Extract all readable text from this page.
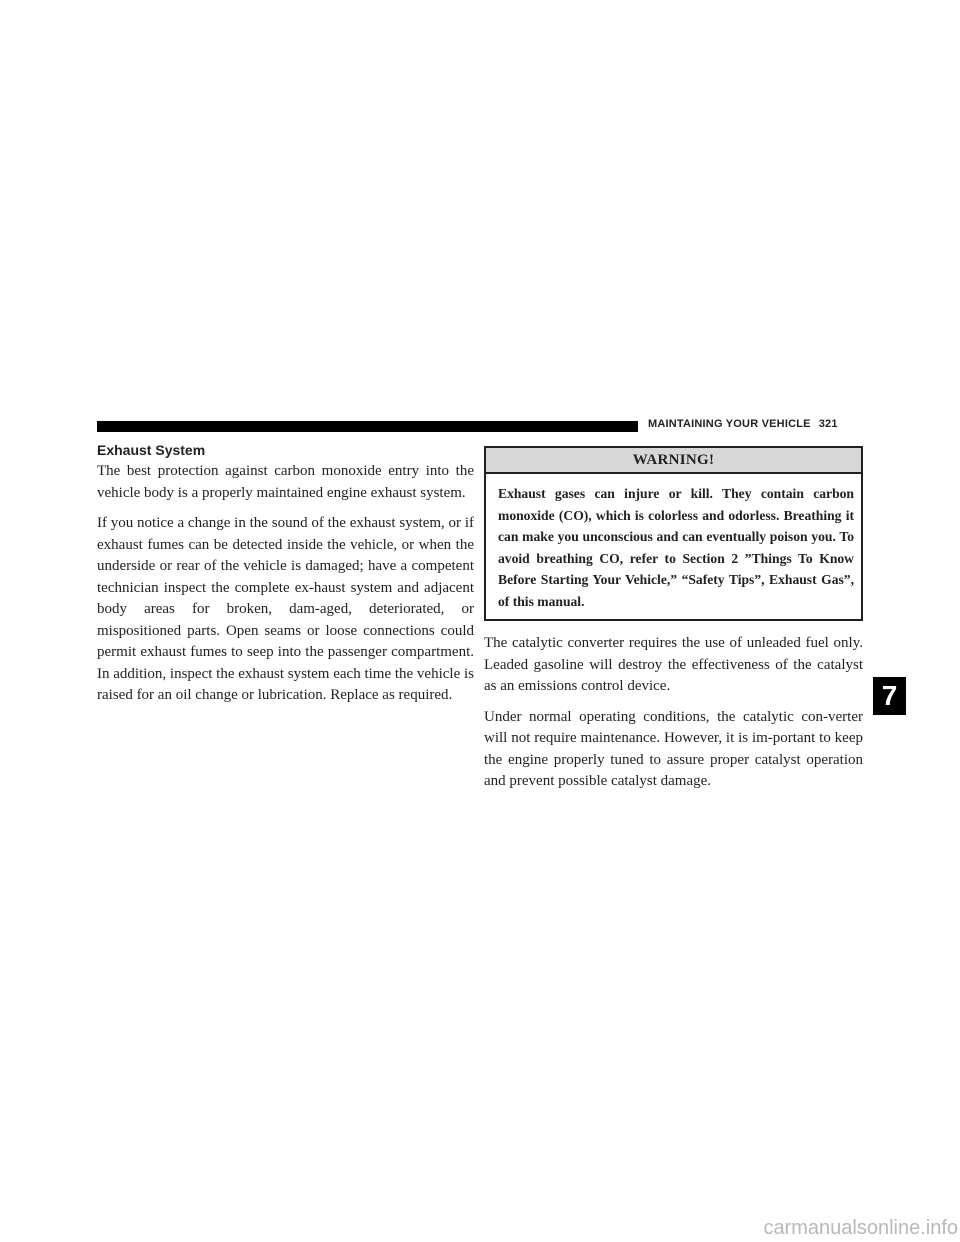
MAINTAINING YOUR VEHICLE 321
Exhaust System

The best protection against carbon monoxide entry into the vehicle body is a properly maintained engine exhaust system.

If you notice a change in the sound of the exhaust system, or if exhaust fumes can be detected inside the vehicle, or when the underside or rear of the vehicle is damaged; have a competent technician inspect the complete ex-haust system and adjacent body areas for broken, dam-aged, deteriorated, or mispositioned parts. Open seams or loose connections could permit exhaust fumes to seep into the passenger compartment. In addition, inspect the exhaust system each time the vehicle is raised for an oil change or lubrication. Replace as required.

WARNING!
Exhaust gases can injure or kill. They contain carbon monoxide (CO), which is colorless and odorless. Breathing it can make you unconscious and can eventually poison you. To avoid breathing CO, refer to Section 2 ”Things To Know Before Starting Your Vehicle,” “Safety Tips”, Exhaust Gas”, of this manual.

The catalytic converter requires the use of unleaded fuel only. Leaded gasoline will destroy the effectiveness of the catalyst as an emissions control device.

Under normal operating conditions, the catalytic con-verter will not require maintenance. However, it is im-portant to keep the engine properly tuned to assure proper catalyst operation and prevent possible catalyst damage.

7
carmanualsonline.info
